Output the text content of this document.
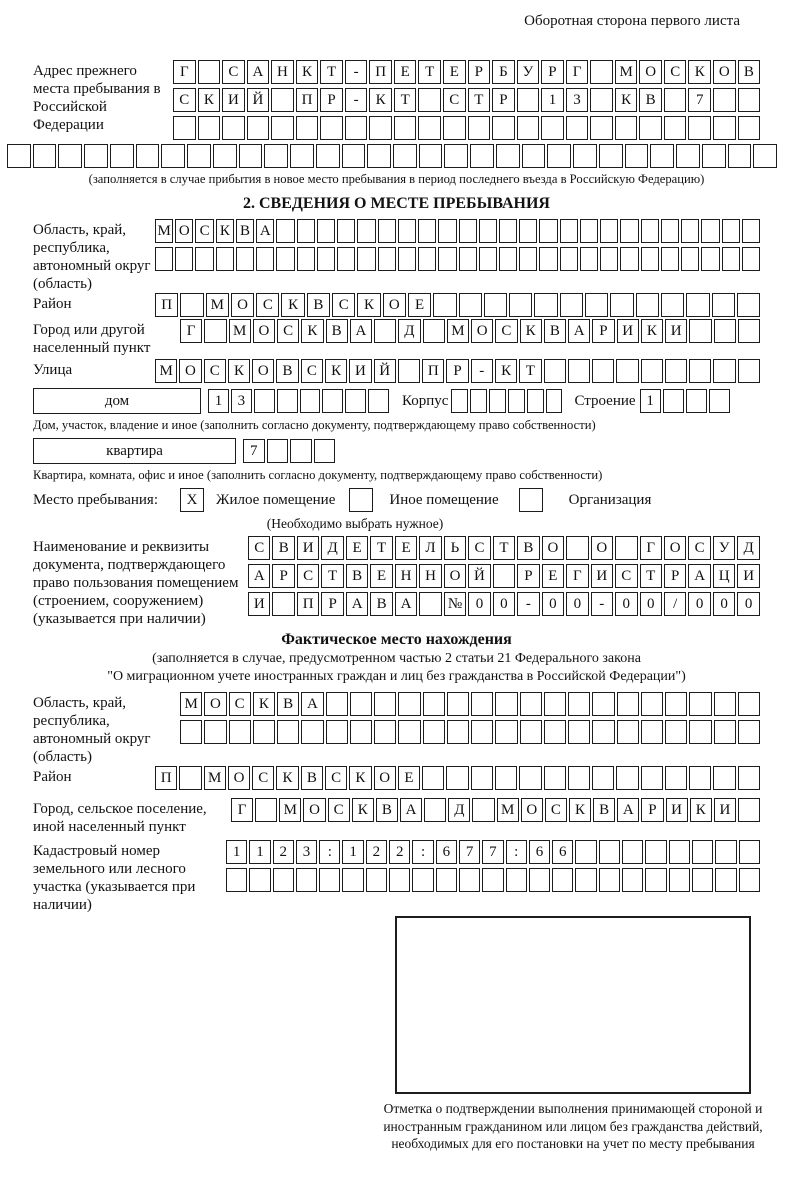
Оборотная сторона первого листа
Адрес прежнего места пребывания в Российской Федерации
Г	С А Н К Т	-	П Е	Т	Е	Р	Б У	Р	Г	М О С К О В
С К И Й	П Р	-	К Т	С Т	Р	1	3	К В	7
(заполняется в случае прибытия в новое место пребывания в период последнего въезда в Российскую Федерацию)
2. СВЕДЕНИЯ О МЕСТЕ ПРЕБЫВАНИЯ
Область, край, республика, автономный округ (область)
М О С К В А
Район	П	М О С	К	В	С	К О	Е
Город или другой населенный пункт
Г	М О С К В А	Д	М О С К В А Р И К И
Улица	М О С К О В С К И Й	П Р	-	К Т
дом	1	3	Корпус	Строение 1
Дом, участок, владение и иное (заполнить согласно документу, подтверждающему право собственности)
квартира	7
Квартира, комната, офис и иное (заполнить согласно документу, подтверждающему право собственности)
Место пребывания:	X	Жилое помещение	Иное помещение	Организация
(Необходимо выбрать нужное)
Наименование и реквизиты документа, подтверждающего право пользования помещением (строением, сооружением) (указывается при наличии)
С В И Д Е	Т	Е Л	Ь	С Т В О	О	Г О С У Д
А Р	С Т В Е Н Н О Й	Р	Е	Г И С Т	Р А Ц И
И	П Р А В А	№ 0	0	-	0	0	-	0	0	/	0	0	0
Фактическое место нахождения
(заполняется в случае, предусмотренном частью 2 статьи 21 Федерального закона
"О миграционном учете иностранных граждан и лиц без гражданства в Российской Федерации")
Область, край, республика, автономный округ (область)
М О С К В А
Район	П	М О С К В С К О Е
Город, сельское поселение, иной населенный пункт
Г	М О С К В А	Д	М О С К В А Р И К И
Кадастровый номер земельного или лесного участка (указывается при наличии)
1	1	2	3	:	1	2	2	:	6	7	7	:	6	6
Отметка о подтверждении выполнения принимающей стороной и иностранным гражданином или лицом без гражданства действий, необходимых для его постановки на учет по месту пребывания
